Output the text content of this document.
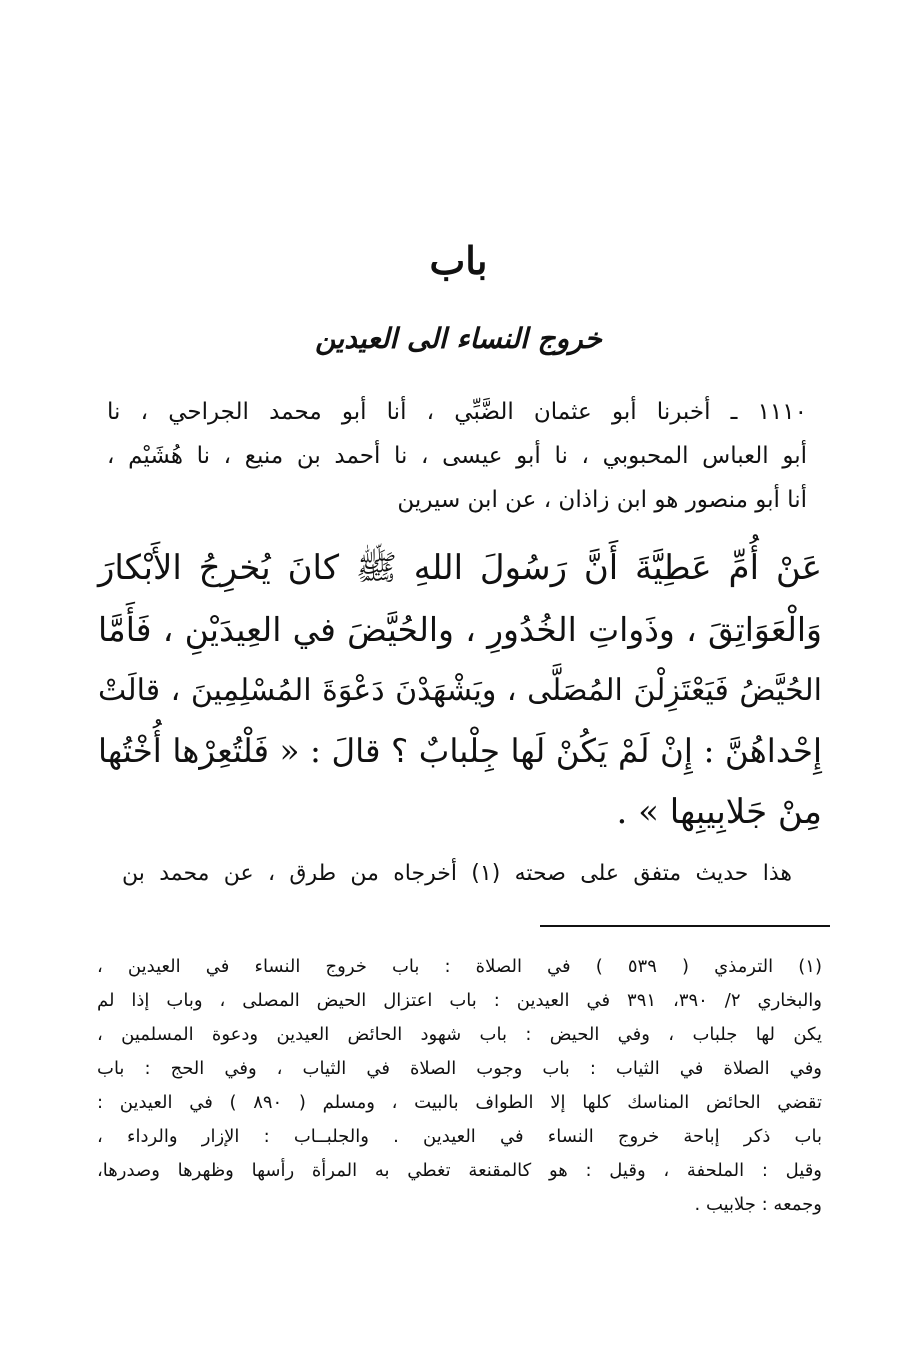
باب
خروج النساء الى العيدين
١١١٠ ـ أخبرنا أبو عثمان الضَّبِّي ، أنا أبو محمد الجراحي ، نا
أبو العباس المحبوبي ، نا أبو عيسى ، نا أحمد بن منيع ، نا هُشَيْم ،
أنا أبو منصور هو ابن زاذان ، عن ابن سيرين
عَنْ أُمِّ عَطِيَّةَ أَنَّ رَسُولَ اللهِ ﷺ كانَ يُخرِجُ الأَبْكارَ
وَالْعَوَاتِقَ ، وذَواتِ الخُدُورِ ، والحُيَّضَ في العِيدَيْنِ ، فَأَمَّا
الحُيَّضُ فَيَعْتَزِلْنَ المُصَلَّى ، ويَشْهَدْنَ دَعْوَةَ المُسْلِمِينَ ، قالَتْ
إِحْداهُنَّ : إِنْ لَمْ يَكُنْ لَها جِلْبابٌ ؟ قالَ : « فَلْتُعِرْها أُخْتُها
مِنْ جَلابِيبِها » .
هذا حديث متفق على صحته (١) أخرجاه من طرق ، عن محمد بن
(١) الترمذي ( ٥٣٩ ) في الصلاة : باب خروج النساء في العيدين ،
والبخاري ٢/ ٣٩٠، ٣٩١ في العيدين : باب اعتزال الحيض المصلى ، وباب إذا لم
يكن لها جلباب ، وفي الحيض : باب شهود الحائض العيدين ودعوة المسلمين ،
وفي الصلاة في الثياب : باب وجوب الصلاة في الثياب ، وفي الحج : باب
تقضي الحائض المناسك كلها إلا الطواف بالبيت ، ومسلم ( ٨٩٠ ) في العيدين :
باب ذكر إباحة خروج النساء في العيدين . والجلبــاب : الإزار والرداء ،
وقيل : الملحفة ، وقيل : هو كالمقنعة تغطي به المرأة رأسها وظهرها وصدرها،
وجمعه : جلابيب .
